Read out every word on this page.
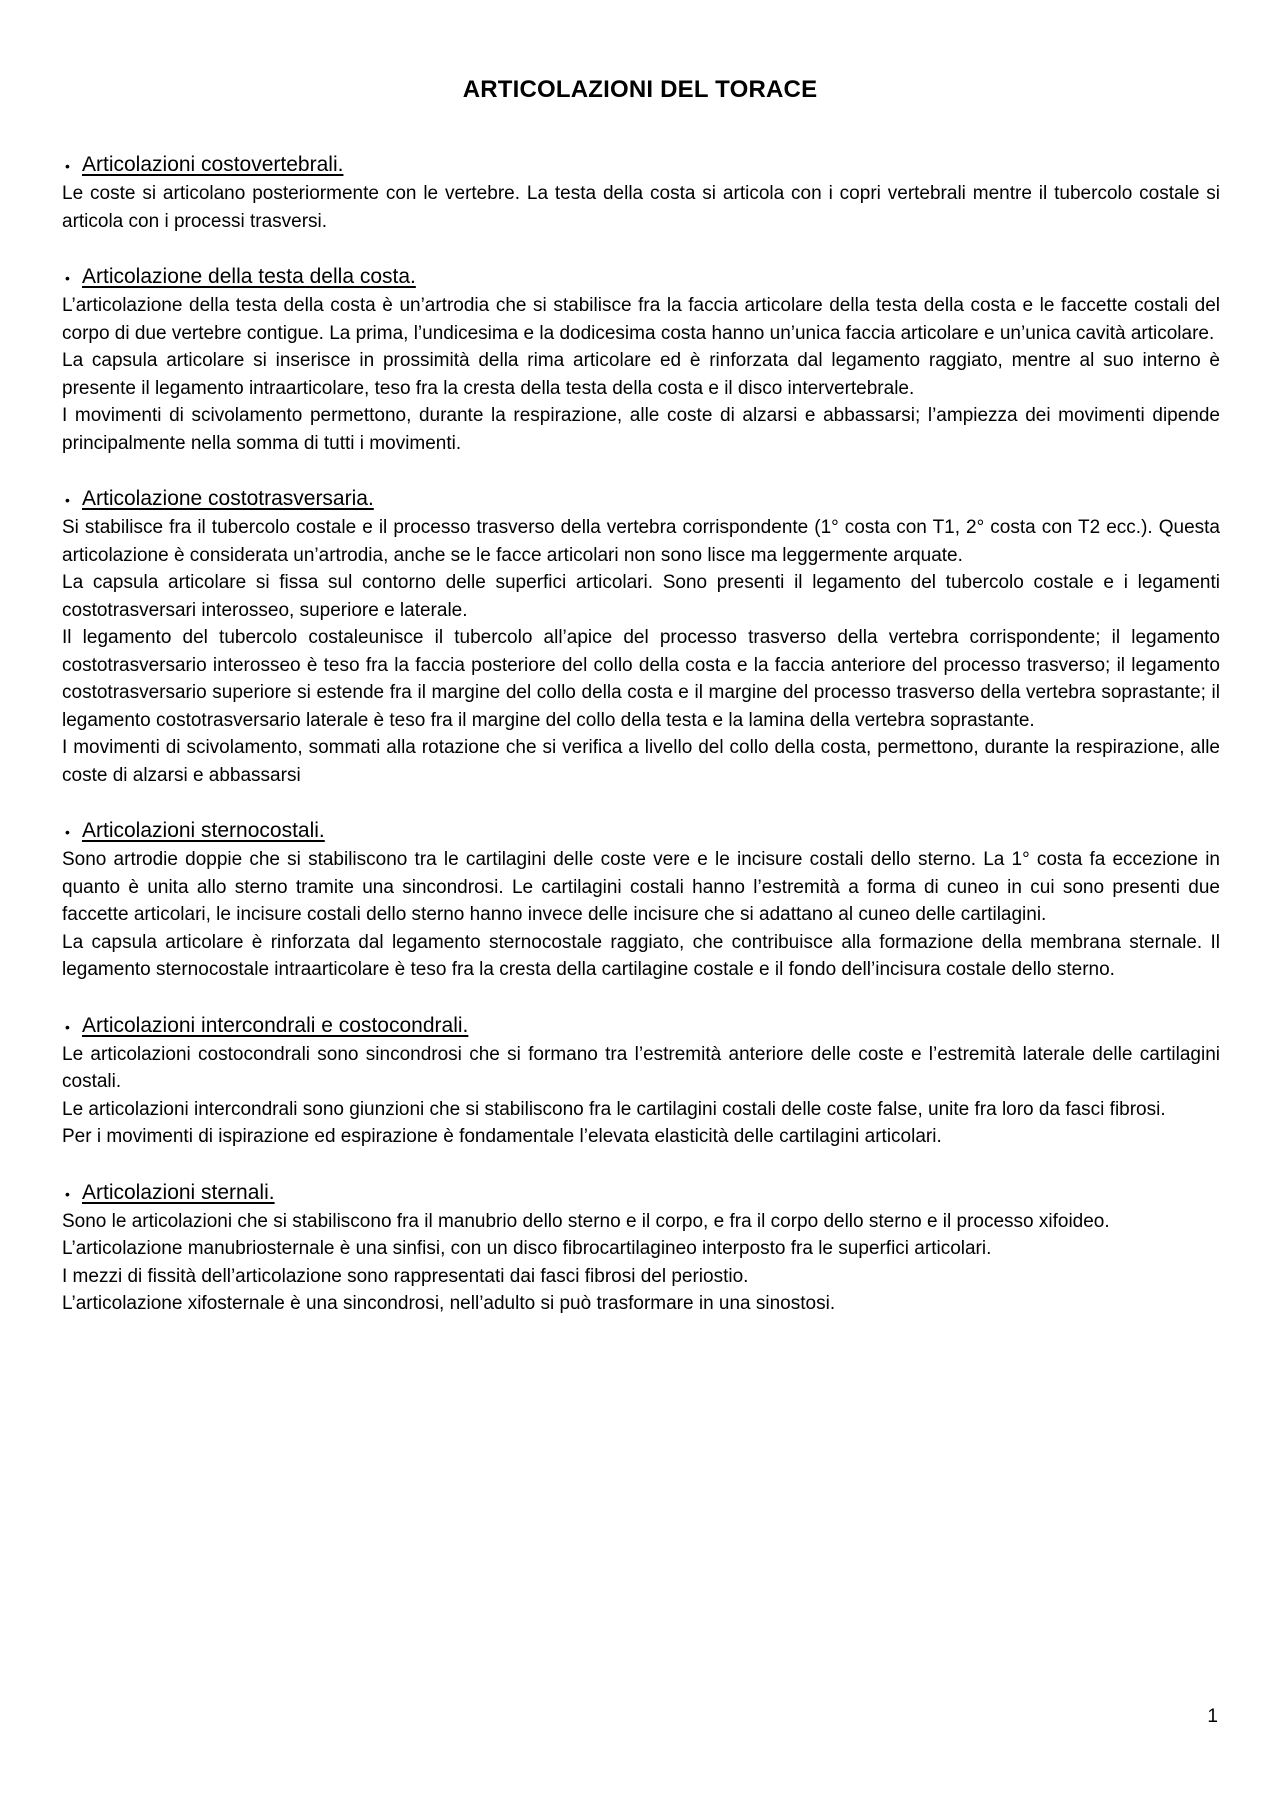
ARTICOLAZIONI DEL TORACE
• Articolazioni costovertebrali.

Le coste si articolano posteriormente con le vertebre. La testa della costa si articola con i copri vertebrali mentre il tubercolo costale si articola con i processi trasversi.

• Articolazione della testa della costa.

L’articolazione della testa della costa è un’artrodia che si stabilisce fra la faccia articolare della testa della costa e le faccette costali del corpo di due vertebre contigue. La prima, l’undicesima e la dodicesima costa hanno un’unica faccia articolare e un’unica cavità articolare.

La capsula articolare si inserisce in prossimità della rima articolare ed è rinforzata dal legamento raggiato, mentre al suo interno è presente il legamento intraarticolare, teso fra la cresta della testa della costa e il disco intervertebrale.

I movimenti di scivolamento permettono, durante la respirazione, alle coste di alzarsi e abbassarsi; l’ampiezza dei movimenti dipende principalmente nella somma di tutti i movimenti.

• Articolazione costotrasversaria.

Si stabilisce fra il tubercolo costale e il processo trasverso della vertebra corrispondente (1° costa con T1, 2° costa con T2 ecc.). Questa articolazione è considerata un’artrodia, anche se le facce articolari non sono lisce ma leggermente arquate.

La capsula articolare si fissa sul contorno delle superfici articolari. Sono presenti il legamento del tubercolo costale e i legamenti costotrasversari interosseo, superiore e laterale.

Il legamento del tubercolo costaleunisce il tubercolo all’apice del processo trasverso della vertebra corrispondente; il legamento costotrasversario interosseo è teso fra la faccia posteriore del collo della costa e la faccia anteriore del processo trasverso; il legamento costotrasversario superiore si estende fra il margine del collo della costa e il margine del processo trasverso della vertebra soprastante; il legamento costotrasversario laterale è teso fra il margine del collo della testa e la lamina della vertebra soprastante.

I movimenti di scivolamento, sommati alla rotazione che si verifica a livello del collo della costa, permettono, durante la respirazione, alle coste di alzarsi e abbassarsi

• Articolazioni sternocostali.

Sono artrodie doppie che si stabiliscono tra le cartilagini delle coste vere e le incisure costali dello sterno. La 1° costa fa eccezione in quanto è unita allo sterno tramite una sincondrosi. Le cartilagini costali hanno l’estremità a forma di cuneo in cui sono presenti due faccette articolari, le incisure costali dello sterno hanno invece delle incisure che si adattano al cuneo delle cartilagini.

La capsula articolare è rinforzata dal legamento sternocostale raggiato, che contribuisce alla formazione della membrana sternale. Il legamento sternocostale intraarticolare è teso fra la cresta della cartilagine costale e il fondo dell’incisura costale dello sterno.

• Articolazioni intercondrali e costocondrali.

Le articolazioni costocondrali sono sincondrosi che si formano tra l’estremità anteriore delle coste e l’estremità laterale delle cartilagini costali.

Le articolazioni intercondrali sono giunzioni che si stabiliscono fra le cartilagini costali delle coste false, unite fra loro da fasci fibrosi.

Per i movimenti di ispirazione ed espirazione è fondamentale l’elevata elasticità delle cartilagini articolari.

• Articolazioni sternali.

Sono le articolazioni che si stabiliscono fra il manubrio dello sterno e il corpo, e fra il corpo dello sterno e il processo xifoideo.

L’articolazione manubriosternale è una sinfisi, con un disco fibrocartilagineo interposto fra le superfici articolari.

I mezzi di fissità dell’articolazione sono rappresentati dai fasci fibrosi del periostio.

L’articolazione xifosternale è una sincondrosi, nell’adulto si può trasformare in una sinostosi.

1
